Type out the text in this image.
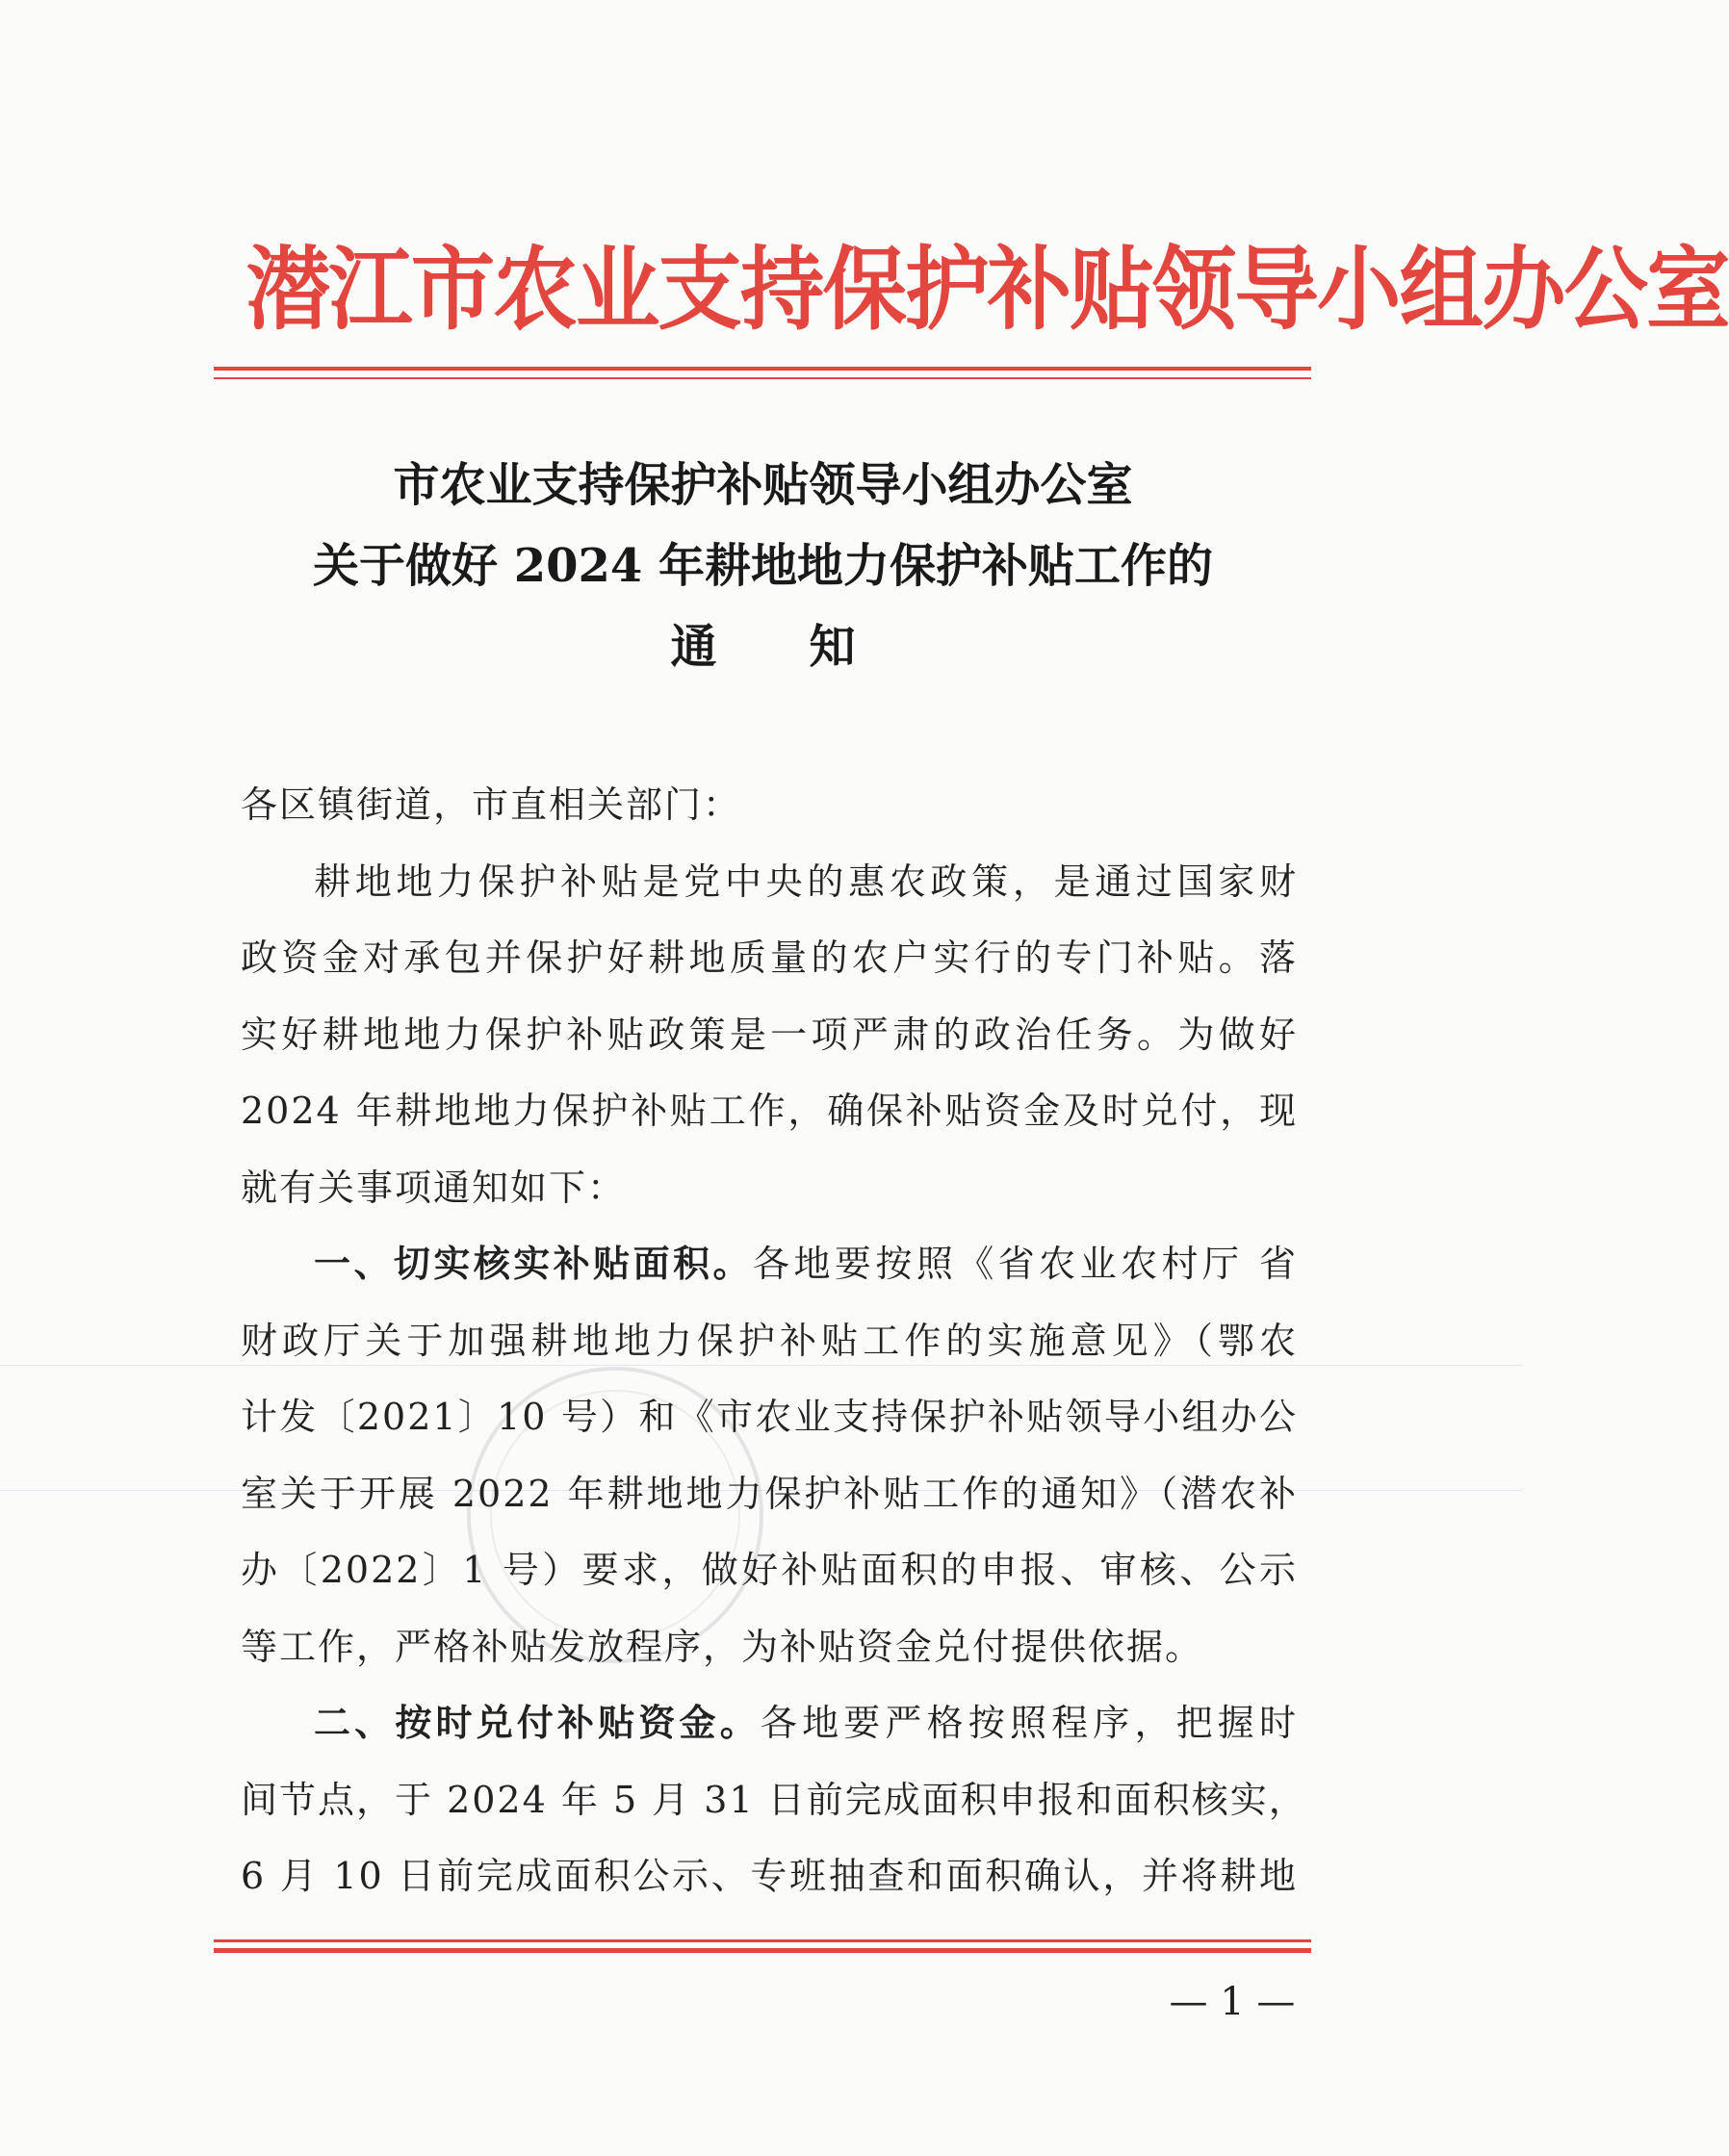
潜江市农业支持保护补贴领导小组办公室
市农业支持保护补贴领导小组办公室
关于做好 2024 年耕地地力保护补贴工作的
通知
各区镇街道，市直相关部门：
耕地地力保护补贴是党中央的惠农政策，是通过国家财
政资金对承包并保护好耕地质量的农户实行的专门补贴。落
实好耕地地力保护补贴政策是一项严肃的政治任务。为做好
2024 年耕地地力保护补贴工作，确保补贴资金及时兑付，现
就有关事项通知如下：
一、切实核实补贴面积。各地要按照《省农业农村厅 省
财政厅关于加强耕地地力保护补贴工作的实施意见》（鄂农
计发〔2021〕10 号）和《市农业支持保护补贴领导小组办公
室关于开展 2022 年耕地地力保护补贴工作的通知》（潜农补
办〔2022〕1 号）要求，做好补贴面积的申报、审核、公示
等工作，严格补贴发放程序，为补贴资金兑付提供依据。
二、按时兑付补贴资金。各地要严格按照程序，把握时
间节点，于 2024 年 5 月 31 日前完成面积申报和面积核实，
6 月 10 日前完成面积公示、专班抽查和面积确认，并将耕地
— 1 —
